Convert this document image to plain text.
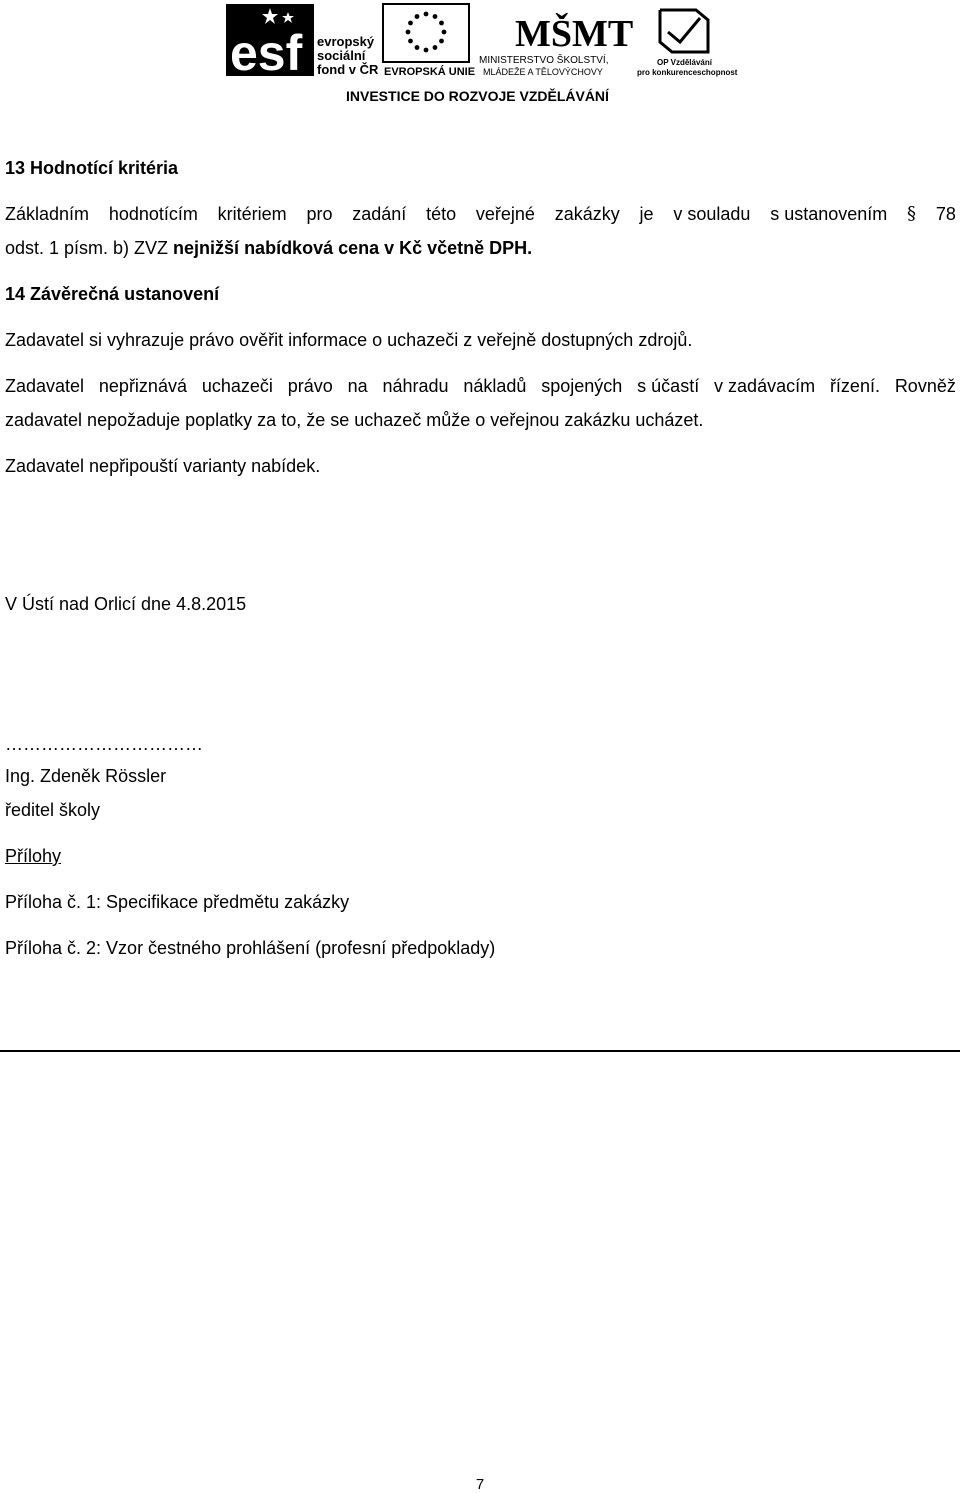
esf evropský
sociální
fond v ČR EVROPSKÁ UNIE
MŠMT
MINISTERSTVO ŠKOLSTVÍ,
MLÁDEŽE A TĚLOVÝCHOVY
OP Vzdělávání
pro konkurenceschopnost
INVESTICE DO ROZVOJE VZDĚLÁVÁNÍ
13 Hodnotící kritéria
Základním hodnotícím kritériem pro zadání této veřejné zakázky je v souladu s ustanovením § 78
odst. 1 písm. b) ZVZ nejnižší nabídková cena v Kč včetně DPH.
14 Závěrečná ustanovení
Zadavatel si vyhrazuje právo ověřit informace o uchazeči z veřejně dostupných zdrojů.
Zadavatel nepřiznává uchazeči právo na náhradu nákladů spojených s účastí v zadávacím řízení. Rovněž
zadavatel nepožaduje poplatky za to, že se uchazeč může o veřejnou zakázku ucházet.
Zadavatel nepřipouští varianty nabídek.
V Ústí nad Orlicí dne 4.8.2015
……………………………
Ing. Zdeněk Rössler
ředitel školy
Přílohy
Příloha č. 1: Specifikace předmětu zakázky
Příloha č. 2: Vzor čestného prohlášení (profesní předpoklady)
7
